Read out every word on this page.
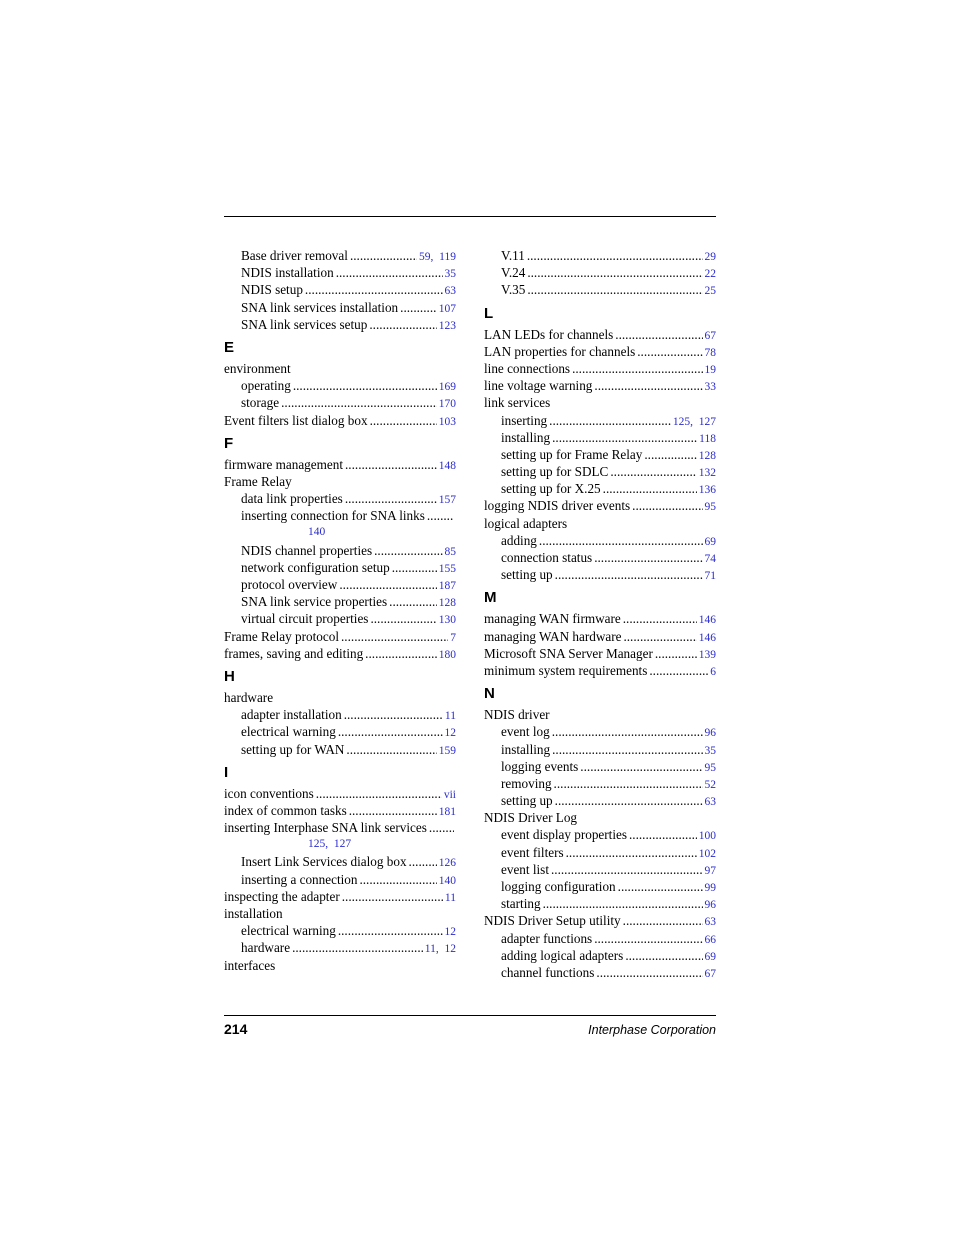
Base driver removal .....	59,  119
NDIS installation .....	35
NDIS setup .....	63
SNA link services installation .....	107
SNA link services setup .....	123
E
environment
operating .....	169
storage .....	170
Event filters list dialog box .....	103
F
firmware management .....	148
Frame Relay
data link properties .....	157
inserting connection for SNA links
.....
140
NDIS channel properties .....	85
network configuration setup .....	155
protocol overview .....	187
SNA link service properties .....	128
virtual circuit properties .....	130
Frame Relay protocol .....	7
frames, saving and editing .....	180
H
hardware
adapter installation .....	11
electrical warning .....	12
setting up for WAN .....	159
I
icon conventions .....	vii
index of common tasks .....	181
inserting Interphase SNA link services
.....
125,  127
Insert Link Services dialog box .....	126
inserting a connection .....	140
inspecting the adapter .....	11
installation
electrical warning .....	12
hardware .....	11,  12
interfaces
V.11 .....	29
V.24 .....	22
V.35 .....	25
L
LAN LEDs for channels .....	67
LAN properties for channels .....	78
line connections .....	19
line voltage warning .....	33
link services
inserting .....	125,  127
installing .....	118
setting up for Frame Relay .....	128
setting up for SDLC .....	132
setting up for X.25 .....	136
logging NDIS driver events .....	95
logical adapters
adding .....	69
connection status .....	74
setting up .....	71
M
managing WAN firmware .....	146
managing WAN hardware .....	146
Microsoft SNA Server Manager .....	139
minimum system requirements .....	6
N
NDIS driver
event log .....	96
installing .....	35
logging events .....	95
removing .....	52
setting up .....	63
NDIS Driver Log
event display properties .....	100
event filters .....	102
event list .....	97
logging configuration .....	99
starting .....	96
NDIS Driver Setup utility .....	63
adapter functions .....	66
adding logical adapters .....	69
channel functions .....	67
214	Interphase Corporation
